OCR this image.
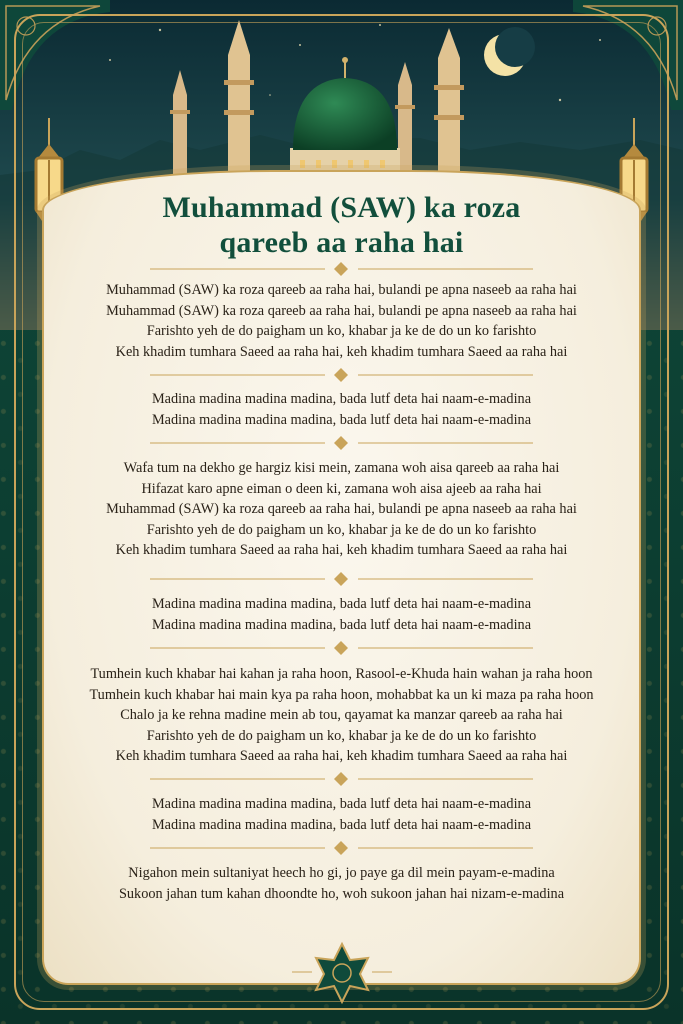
Muhammad (SAW) ka roza
qareeb aa raha hai
Muhammad (SAW) ka roza qareeb aa raha hai, bulandi pe apna naseeb aa raha hai
Muhammad (SAW) ka roza qareeb aa raha hai, bulandi pe apna naseeb aa raha hai
Farishto yeh de do paigham un ko, khabar ja ke de do un ko farishto
Keh khadim tumhara Saeed aa raha hai, keh khadim tumhara Saeed aa raha hai
Madina madina madina madina, bada lutf deta hai naam-e-madina
Madina madina madina madina, bada lutf deta hai naam-e-madina
Wafa tum na dekho ge hargiz kisi mein, zamana woh aisa qareeb aa raha hai
Hifazat karo apne eiman o deen ki, zamana woh aisa ajeeb aa raha hai
Muhammad (SAW) ka roza qareeb aa raha hai, bulandi pe apna naseeb aa raha hai
Farishto yeh de do paigham un ko, khabar ja ke de do un ko farishto
Keh khadim tumhara Saeed aa raha hai, keh khadim tumhara Saeed aa raha hai
Madina madina madina madina, bada lutf deta hai naam-e-madina
Madina madina madina madina, bada lutf deta hai naam-e-madina
Tumhein kuch khabar hai kahan ja raha hoon, Rasool-e-Khuda hain wahan ja raha hoon
Tumhein kuch khabar hai main kya pa raha hoon, mohabbat ka un ki maza pa raha hoon
Chalo ja ke rehna madine mein ab tou, qayamat ka manzar qareeb aa raha hai
Farishto yeh de do paigham un ko, khabar ja ke de do un ko farishto
Keh khadim tumhara Saeed aa raha hai, keh khadim tumhara Saeed aa raha hai
Madina madina madina madina, bada lutf deta hai naam-e-madina
Madina madina madina madina, bada lutf deta hai naam-e-madina
Nigahon mein sultaniyat heech ho gi, jo paye ga dil mein payam-e-madina
Sukoon jahan tum kahan dhoondte ho, woh sukoon jahan hai nizam-e-madina
